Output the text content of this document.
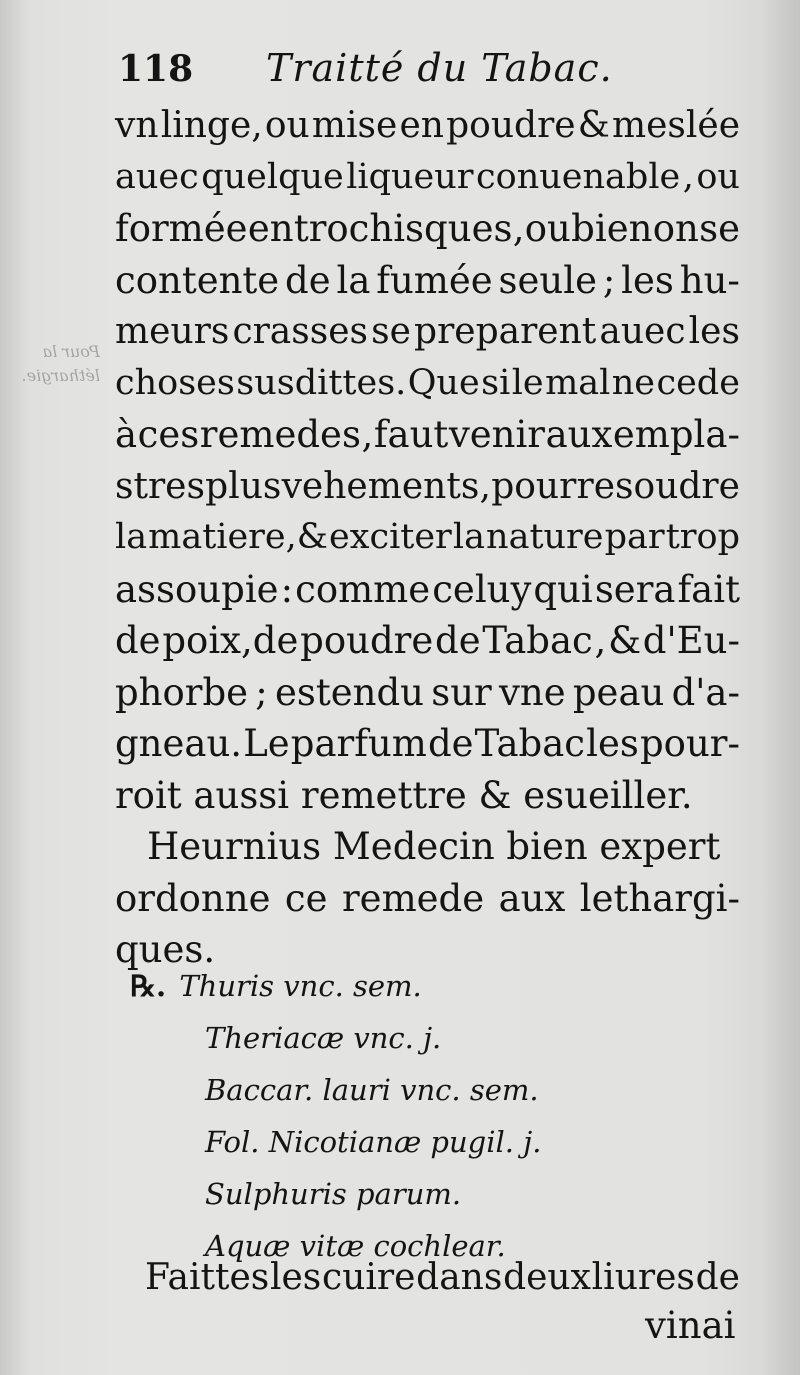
Pour la
léthargie.
118 Traitté du Tabac.
vn linge, ou mise en poudre & meslée
auec quelque liqueur conuenable , ou
formée en trochisques , ou bien on se
contente de la fumée seule ; les hu-
meurs crasses se preparent auec les
choses susdittes. Que si le mal ne cede
à ces remedes , faut venir aux empla-
stres plus vehements , pour resoudre
la matiere,& exciter la nature par trop
assoupie : comme celuy qui sera fait
de poix,de poudre de Tabac , & d'Eu-
phorbe ; estendu sur vne peau d'a-
gneau. Le parfum de Tabac les pour-
roit aussi remettre & esueiller.
Heurnius Medecin bien expert
ordonne ce remede aux lethargi-
ques.
℞. Thuris vnc. sem.
Theriacæ vnc. j.
Baccar. lauri vnc. sem.
Fol. Nicotianæ pugil. j.
Sulphuris parum.
Aquæ vitæ cochlear.
Faittes les cuire dans deux liures de
vinai
